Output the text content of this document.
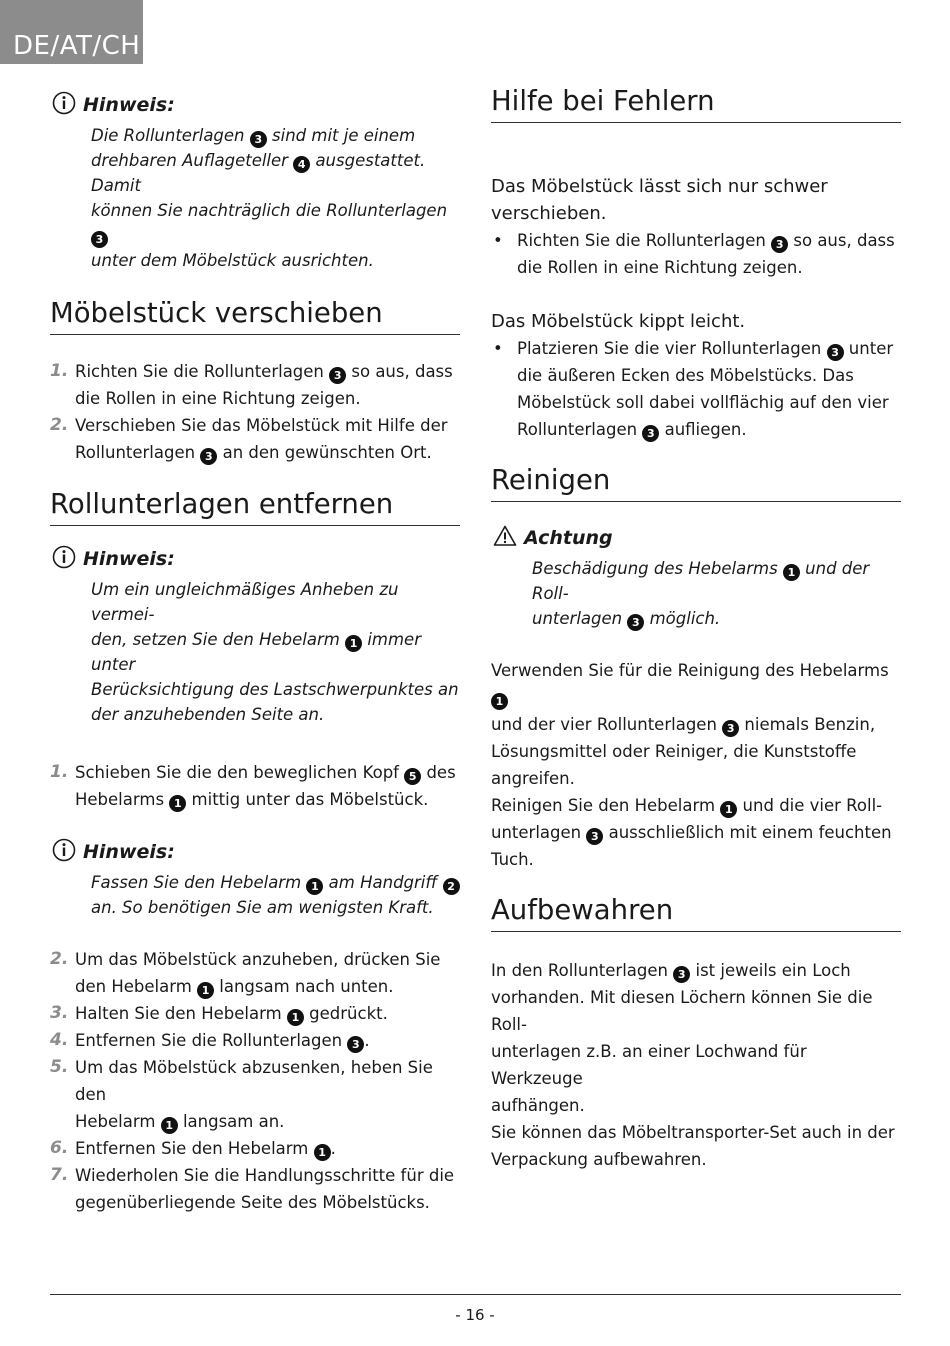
DE/AT/CH
Hinweis:
Die Rollunterlagen 3 sind mit je einem
drehbaren Auflageteller 4 ausgestattet. Damit
können Sie nachträglich die Rollunterlagen 3
unter dem Möbelstück ausrichten.
Möbelstück verschieben
1. Richten Sie die Rollunterlagen 3 so aus, dass
die Rollen in eine Richtung zeigen.
2. Verschieben Sie das Möbelstück mit Hilfe der
Rollunterlagen 3 an den gewünschten Ort.
Rollunterlagen entfernen
Hinweis:
Um ein ungleichmäßiges Anheben zu vermei-
den, setzen Sie den Hebelarm 1 immer unter
Berücksichtigung des Lastschwerpunktes an
der anzuhebenden Seite an.
1. Schieben Sie die den beweglichen Kopf 5 des
Hebelarms 1 mittig unter das Möbelstück.
Hinweis:
Fassen Sie den Hebelarm 1 am Handgriff 2
an. So benötigen Sie am wenigsten Kraft.
2. Um das Möbelstück anzuheben, drücken Sie
den Hebelarm 1 langsam nach unten.
3. Halten Sie den Hebelarm 1 gedrückt.
4. Entfernen Sie die Rollunterlagen 3 .
5. Um das Möbelstück abzusenken, heben Sie den
Hebelarm 1 langsam an.
6. Entfernen Sie den Hebelarm 1 .
7. Wiederholen Sie die Handlungsschritte für die
gegenüberliegende Seite des Möbelstücks.
Hilfe bei Fehlern
Das Möbelstück lässt sich nur schwer
verschieben.
• Richten Sie die Rollunterlagen 3 so aus, dass
die Rollen in eine Richtung zeigen.
Das Möbelstück kippt leicht.
• Platzieren Sie die vier Rollunterlagen 3 unter
die äußeren Ecken des Möbelstücks. Das
Möbelstück soll dabei vollflächig auf den vier
Rollunterlagen 3 aufliegen.
Reinigen
Achtung
Beschädigung des Hebelarms 1 und der Roll-
unterlagen 3 möglich.
Verwenden Sie für die Reinigung des Hebelarms 1
und der vier Rollunterlagen 3 niemals Benzin,
Lösungsmittel oder Reiniger, die Kunststoffe angreifen.
Reinigen Sie den Hebelarm 1 und die vier Roll-
unterlagen 3 ausschließlich mit einem feuchten
Tuch.
Aufbewahren
In den Rollunterlagen 3 ist jeweils ein Loch
vorhanden. Mit diesen Löchern können Sie die Roll-
unterlagen z.B. an einer Lochwand für Werkzeuge
aufhängen.
Sie können das Möbeltransporter-Set auch in der
Verpackung aufbewahren.
- 16 -
